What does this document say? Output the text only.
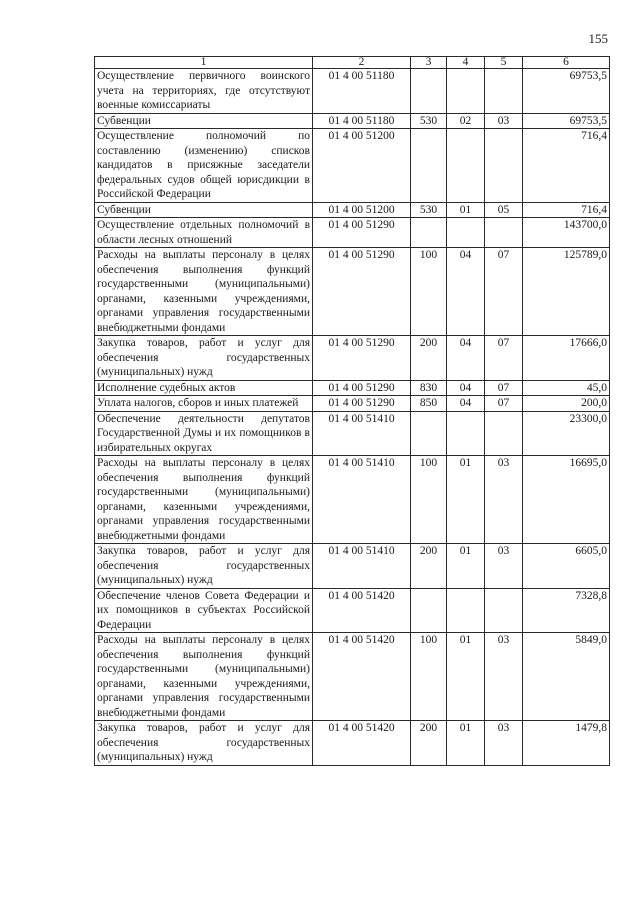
155
1	2	3	4	5	6
Осуществление первичного воинского учета на территориях, где отсутствуют военные комиссариаты	01 4 00 51180				69753,5
Субвенции	01 4 00 51180	530	02	03	69753,5
Осуществление полномочий по составлению (изменению) списков кандидатов в присяжные заседатели федеральных судов общей юрисдикции в Российской Федерации	01 4 00 51200				716,4
Субвенции	01 4 00 51200	530	01	05	716,4
Осуществление отдельных полномочий в области лесных отношений	01 4 00 51290				143700,0
Расходы на выплаты персоналу в целях обеспечения выполнения функций государственными (муниципальными) органами, казенными учреждениями, органами управления государственными внебюджетными фондами	01 4 00 51290	100	04	07	125789,0
Закупка товаров, работ и услуг для обеспечения государственных (муниципальных) нужд	01 4 00 51290	200	04	07	17666,0
Исполнение судебных актов	01 4 00 51290	830	04	07	45,0
Уплата налогов, сборов и иных платежей	01 4 00 51290	850	04	07	200,0
Обеспечение деятельности депутатов Государственной Думы и их помощников в избирательных округах	01 4 00 51410				23300,0
Расходы на выплаты персоналу в целях обеспечения выполнения функций государственными (муниципальными) органами, казенными учреждениями, органами управления государственными внебюджетными фондами	01 4 00 51410	100	01	03	16695,0
Закупка товаров, работ и услуг для обеспечения государственных (муниципальных) нужд	01 4 00 51410	200	01	03	6605,0
Обеспечение членов Совета Федерации и их помощников в субъектах Российской Федерации	01 4 00 51420				7328,8
Расходы на выплаты персоналу в целях обеспечения выполнения функций государственными (муниципальными) органами, казенными учреждениями, органами управления государственными внебюджетными фондами	01 4 00 51420	100	01	03	5849,0
Закупка товаров, работ и услуг для обеспечения государственных (муниципальных) нужд	01 4 00 51420	200	01	03	1479,8
